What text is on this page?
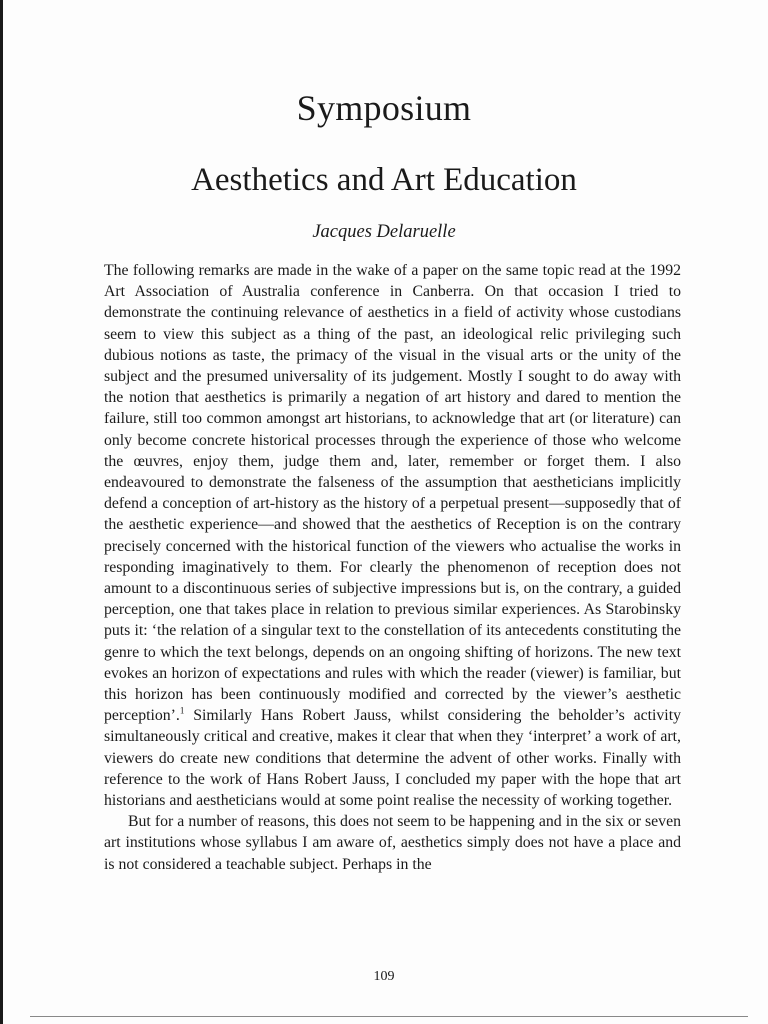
Symposium
Aesthetics and Art Education
Jacques Delaruelle

The following remarks are made in the wake of a paper on the same topic read at the 1992 Art Association of Australia conference in Canberra. On that occasion I tried to demonstrate the continuing relevance of aesthetics in a field of activity whose custodians seem to view this subject as a thing of the past, an ideological relic privileging such dubious notions as taste, the primacy of the visual in the visual arts or the unity of the subject and the presumed universality of its judgement. Mostly I sought to do away with the notion that aesthetics is primarily a negation of art history and dared to mention the failure, still too common amongst art historians, to acknowledge that art (or literature) can only become concrete historical processes through the experience of those who welcome the œuvres, enjoy them, judge them and, later, remember or forget them. I also endeavoured to demonstrate the falseness of the assumption that aestheticians implicitly defend a conception of art-history as the history of a perpetual present—supposedly that of the aesthetic experience—and showed that the aesthetics of Reception is on the contrary precisely concerned with the historical function of the viewers who actualise the works in responding imaginatively to them. For clearly the phenomenon of reception does not amount to a discontinuous series of subjective impressions but is, on the contrary, a guided perception, one that takes place in relation to previous similar experiences. As Starobinsky puts it: ‘the relation of a singular text to the constellation of its antecedents constituting the genre to which the text belongs, depends on an ongoing shifting of horizons. The new text evokes an horizon of expectations and rules with which the reader (viewer) is familiar, but this horizon has been continuously modified and corrected by the viewer’s aesthetic perception’.$^1$ Similarly Hans Robert Jauss, whilst considering the beholder’s activity simultaneously critical and creative, makes it clear that when they ‘interpret’ a work of art, viewers do create new conditions that determine the advent of other works. Finally with reference to the work of Hans Robert Jauss, I concluded my paper with the hope that art historians and aestheticians would at some point realise the necessity of working together.

But for a number of reasons, this does not seem to be happening and in the six or seven art institutions whose syllabus I am aware of, aesthetics simply does not have a place and is not considered a teachable subject. Perhaps in the

109
